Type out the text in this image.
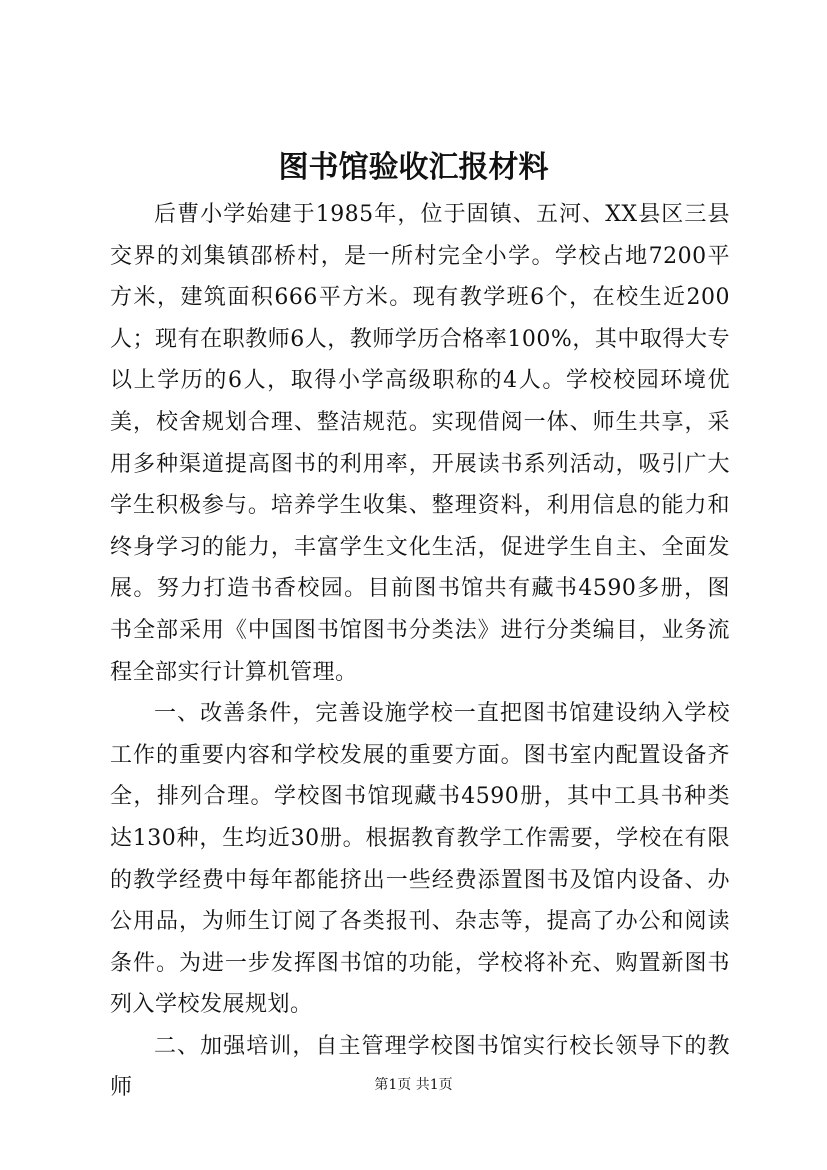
图书馆验收汇报材料

后曹小学始建于1985年，位于固镇、五河、XX县区三县交界的刘集镇邵桥村，是一所村完全小学。学校占地7200平方米，建筑面积666平方米。现有教学班6个，在校生近200人；现有在职教师6人，教师学历合格率100%，其中取得大专以上学历的6人，取得小学高级职称的4人。学校校园环境优美，校舍规划合理、整洁规范。实现借阅一体、师生共享，采用多种渠道提高图书的利用率，开展读书系列活动，吸引广大学生积极参与。培养学生收集、整理资料，利用信息的能力和终身学习的能力，丰富学生文化生活，促进学生自主、全面发展。努力打造书香校园。目前图书馆共有藏书4590多册，图书全部采用《中国图书馆图书分类法》进行分类编目，业务流程全部实行计算机管理。

一、改善条件，完善设施学校一直把图书馆建设纳入学校工作的重要内容和学校发展的重要方面。图书室内配置设备齐全，排列合理。学校图书馆现藏书4590册，其中工具书种类达130种，生均近30册。根据教育教学工作需要，学校在有限的教学经费中每年都能挤出一些经费添置图书及馆内设备、办公用品，为师生订阅了各类报刊、杂志等，提高了办公和阅读条件。为进一步发挥图书馆的功能，学校将补充、购置新图书列入学校发展规划。

二、加强培训，自主管理学校图书馆实行校长领导下的教师	第1页 共1页
